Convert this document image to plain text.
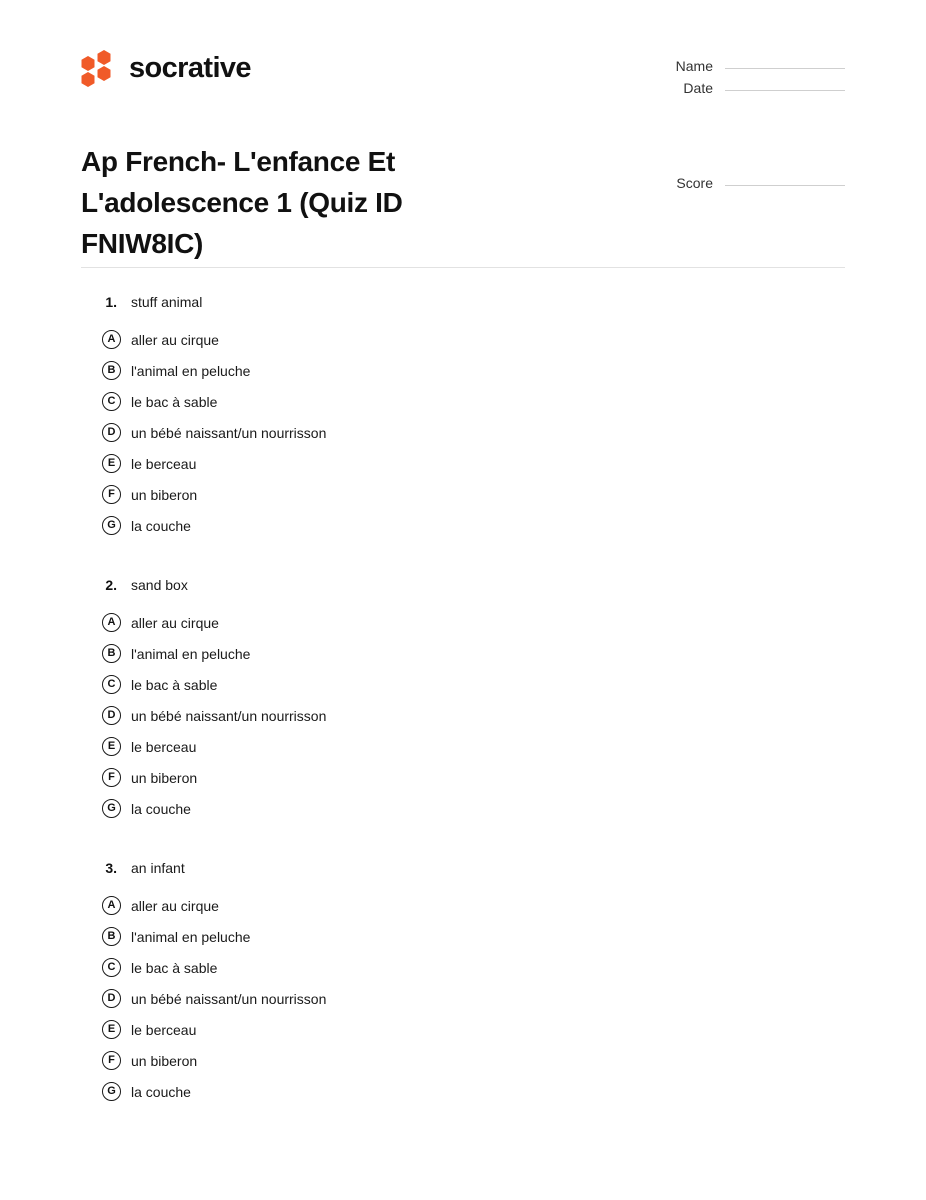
socrative	Name
Date
Score
Ap French- L'enfance Et L'adolescence 1 (Quiz ID FNIW8IC)
1.	stuff animal
A	aller au cirque
B	l'animal en peluche
C	le bac à sable
D	un bébé naissant/un nourrisson
E	le berceau
F	un biberon
G	la couche
2.	sand box
A	aller au cirque
B	l'animal en peluche
C	le bac à sable
D	un bébé naissant/un nourrisson
E	le berceau
F	un biberon
G	la couche
3.	an infant
A	aller au cirque
B	l'animal en peluche
C	le bac à sable
D	un bébé naissant/un nourrisson
E	le berceau
F	un biberon
G	la couche
